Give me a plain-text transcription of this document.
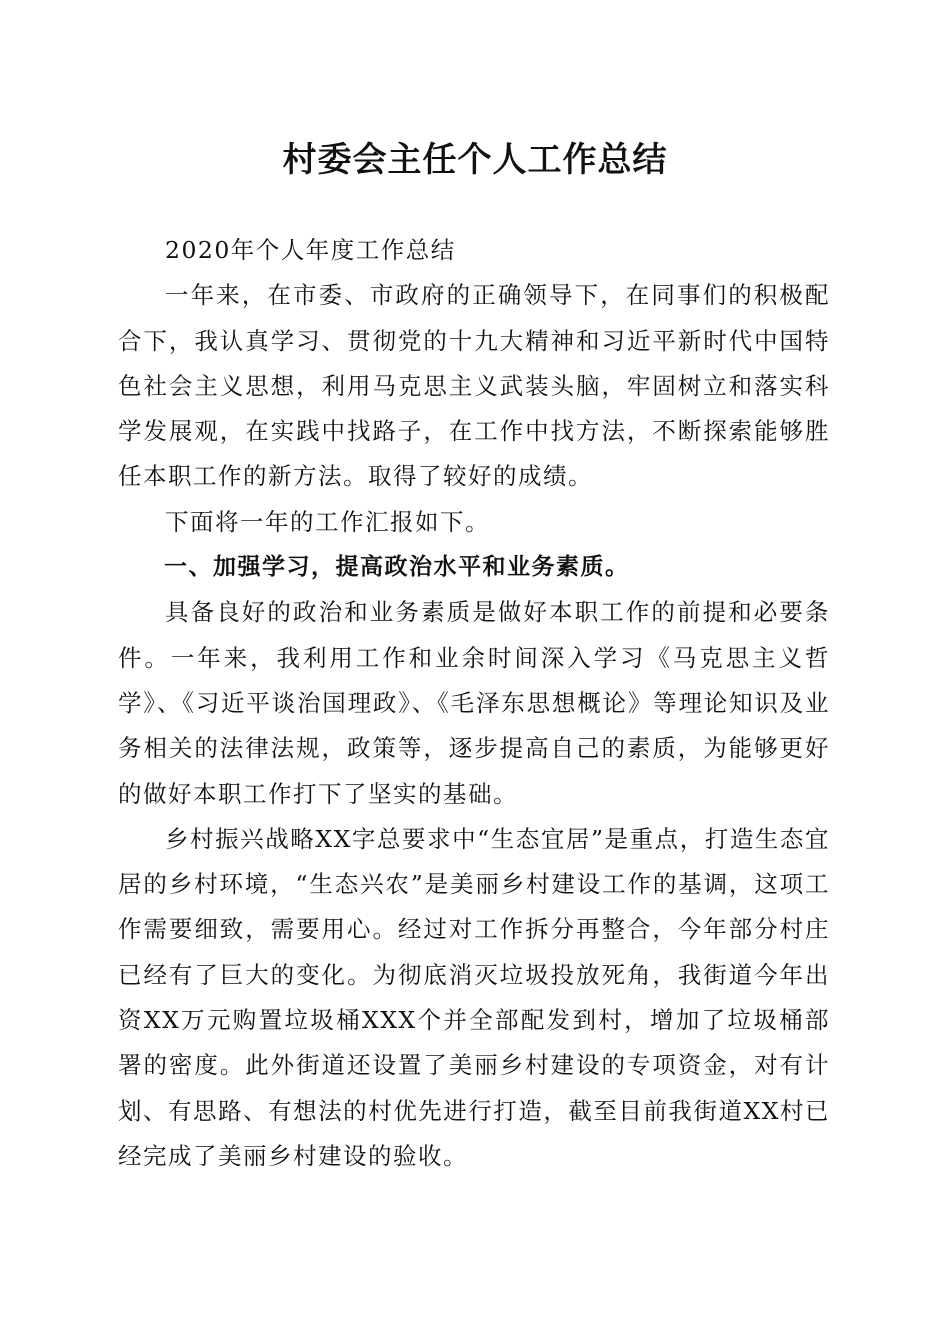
村委会主任个人工作总结

2020年个人年度工作总结

一年来，在市委、市政府的正确领导下，在同事们的积极配合下，我认真学习、贯彻党的十九大精神和习近平新时代中国特色社会主义思想，利用马克思主义武装头脑，牢固树立和落实科学发展观，在实践中找路子，在工作中找方法，不断探索能够胜任本职工作的新方法。取得了较好的成绩。

下面将一年的工作汇报如下。

一、加强学习，提高政治水平和业务素质。

具备良好的政治和业务素质是做好本职工作的前提和必要条件。一年来，我利用工作和业余时间深入学习《马克思主义哲学》、《习近平谈治国理政》、《毛泽东思想概论》等理论知识及业务相关的法律法规，政策等，逐步提高自己的素质，为能够更好的做好本职工作打下了坚实的基础。

乡村振兴战略XX字总要求中“生态宜居”是重点，打造生态宜居的乡村环境，“生态兴农”是美丽乡村建设工作的基调，这项工作需要细致，需要用心。经过对工作拆分再整合，今年部分村庄已经有了巨大的变化。为彻底消灭垃圾投放死角，我街道今年出资XX万元购置垃圾桶XXX个并全部配发到村，增加了垃圾桶部署的密度。此外街道还设置了美丽乡村建设的专项资金，对有计划、有思路、有想法的村优先进行打造，截至目前我街道XX村已经完成了美丽乡村建设的验收。
